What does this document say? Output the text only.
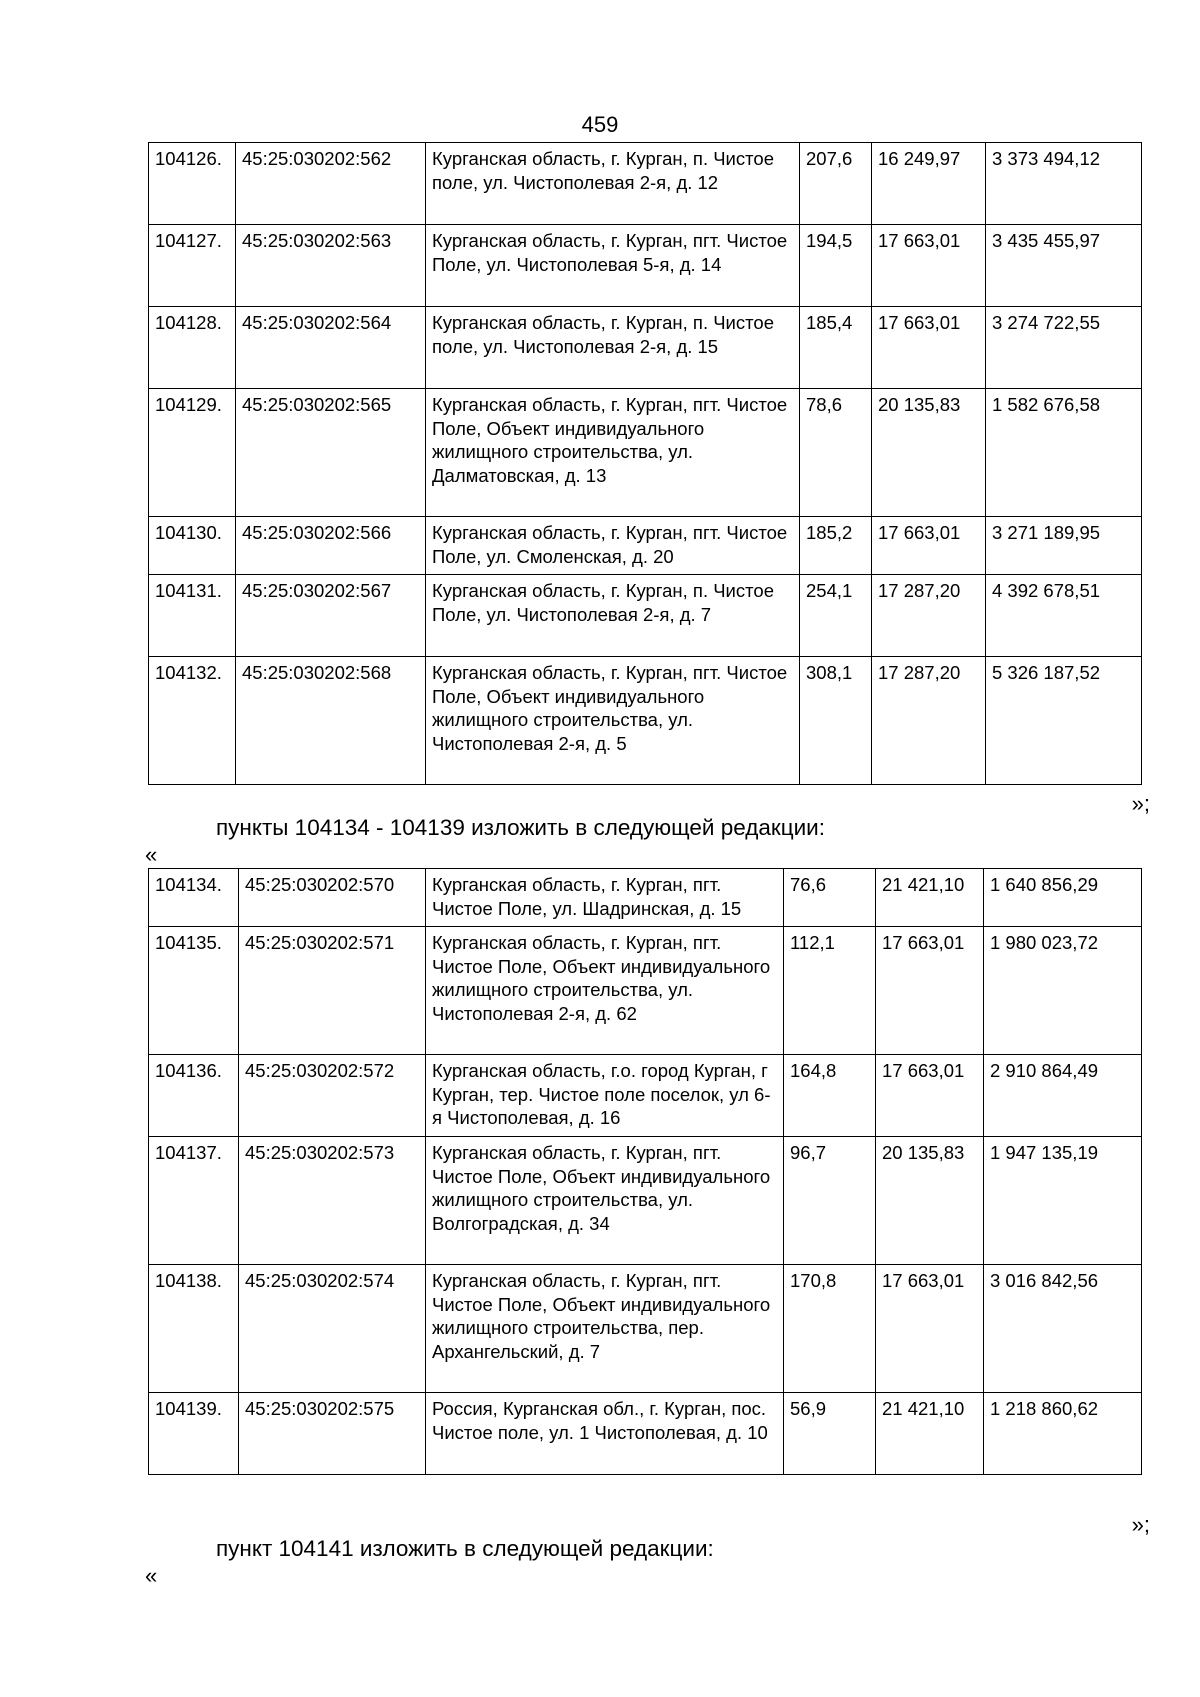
459
104126.	45:25:030202:562	Курганская область, г. Курган, п. Чистое поле, ул. Чистополевая 2-я, д. 12	207,6	16 249,97	3 373 494,12
104127.	45:25:030202:563	Курганская область, г. Курган, пгт. Чистое Поле, ул. Чистополевая 5-я, д. 14	194,5	17 663,01	3 435 455,97
104128.	45:25:030202:564	Курганская область, г. Курган, п. Чистое поле, ул. Чистополевая 2-я, д. 15	185,4	17 663,01	3 274 722,55
104129.	45:25:030202:565	Курганская область, г. Курган, пгт. Чистое Поле, Объект индивидуального жилищного строительства, ул. Далматовская, д. 13	78,6	20 135,83	1 582 676,58
104130.	45:25:030202:566	Курганская область, г. Курган, пгт. Чистое Поле, ул. Смоленская, д. 20	185,2	17 663,01	3 271 189,95
104131.	45:25:030202:567	Курганская область, г. Курган, п. Чистое Поле, ул. Чистополевая 2-я, д. 7	254,1	17 287,20	4 392 678,51
104132.	45:25:030202:568	Курганская область, г. Курган, пгт. Чистое Поле, Объект индивидуального жилищного строительства, ул. Чистополевая 2-я, д. 5	308,1	17 287,20	5 326 187,52
»;
пункты 104134 - 104139 изложить в следующей редакции:
«
104134.	45:25:030202:570	Курганская область, г. Курган, пгт. Чистое Поле, ул. Шадринская, д. 15	76,6	21 421,10	1 640 856,29
104135.	45:25:030202:571	Курганская область, г. Курган, пгт. Чистое Поле, Объект индивидуального жилищного строительства, ул. Чистополевая 2-я, д. 62	112,1	17 663,01	1 980 023,72
104136.	45:25:030202:572	Курганская область, г.о. город Курган, г Курган, тер. Чистое поле поселок, ул 6-я Чистополевая, д. 16	164,8	17 663,01	2 910 864,49
104137.	45:25:030202:573	Курганская область, г. Курган, пгт. Чистое Поле, Объект индивидуального жилищного строительства, ул. Волгоградская, д. 34	96,7	20 135,83	1 947 135,19
104138.	45:25:030202:574	Курганская область, г. Курган, пгт. Чистое Поле, Объект индивидуального жилищного строительства, пер. Архангельский, д. 7	170,8	17 663,01	3 016 842,56
104139.	45:25:030202:575	Россия, Курганская обл., г. Курган, пос. Чистое поле, ул. 1 Чистополевая, д. 10	56,9	21 421,10	1 218 860,62
»;
пункт 104141 изложить в следующей редакции:
«
